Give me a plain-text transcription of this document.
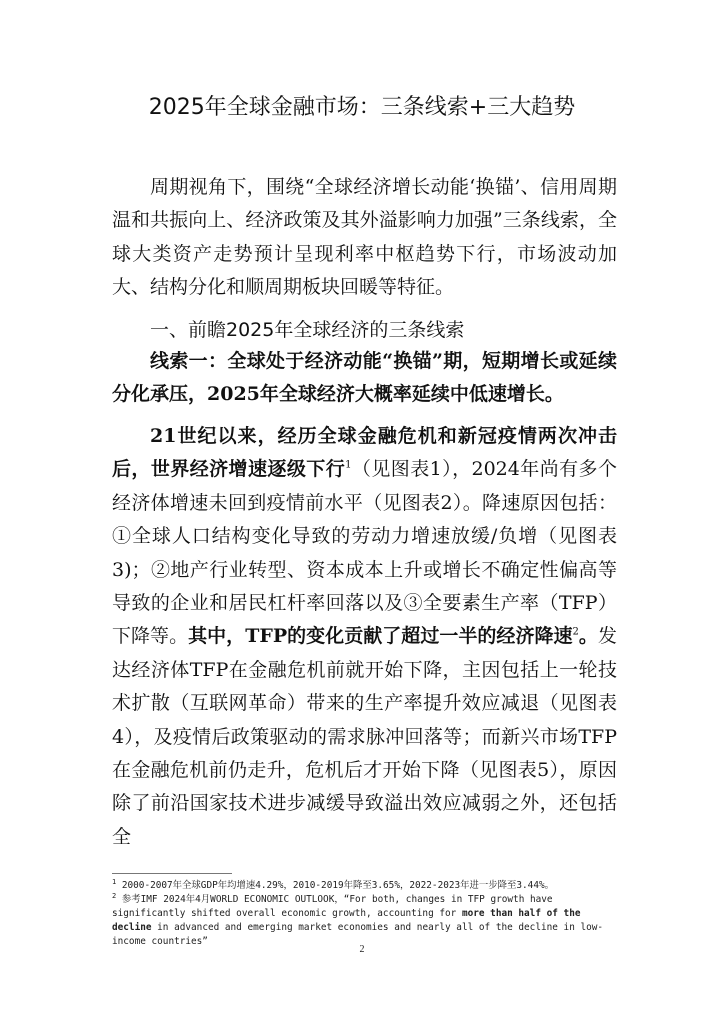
2025年全球金融市场：三条线索+三大趋势

周期视角下，围绕“全球经济增长动能‘换锚’、信用周期温和共振向上、经济政策及其外溢影响力加强”三条线索，全球大类资产走势预计呈现利率中枢趋势下行，市场波动加大、结构分化和顺周期板块回暖等特征。

一、前瞻2025年全球经济的三条线索

线索一：全球处于经济动能“换锚”期，短期增长或延续分化承压，2025年全球经济大概率延续中低速增长。

21世纪以来，经历全球金融危机和新冠疫情两次冲击后，世界经济增速逐级下行$^1$（见图表1），2024年尚有多个经济体增速未回到疫情前水平（见图表2）。降速原因包括：①全球人口结构变化导致的劳动力增速放缓/负增（见图表3)；②地产行业转型、资本成本上升或增长不确定性偏高等导致的企业和居民杠杆率回落以及③全要素生产率（TFP）下降等。其中，TFP的变化贡献了超过一半的经济降速$^2$。发达经济体TFP在金融危机前就开始下降，主因包括上一轮技术扩散（互联网革命）带来的生产率提升效应减退（见图表4），及疫情后政策驱动的需求脉冲回落等；而新兴市场TFP在金融危机前仍走升，危机后才开始下降（见图表5），原因除了前沿国家技术进步减缓导致溢出效应减弱之外，还包括全

$^1$ 2000-2007年全球GDP年均增速4.29%，2010-2019年降至3.65%，2022-2023年进一步降至3.44%。

$^2$ 参考IMF 2024年4月WORLD ECONOMIC OUTLOOK，“For both, changes in TFP growth have significantly shifted overall economic growth, accounting for more than half of the decline in advanced and emerging market economies and nearly all of the decline in low-income countries”

2
